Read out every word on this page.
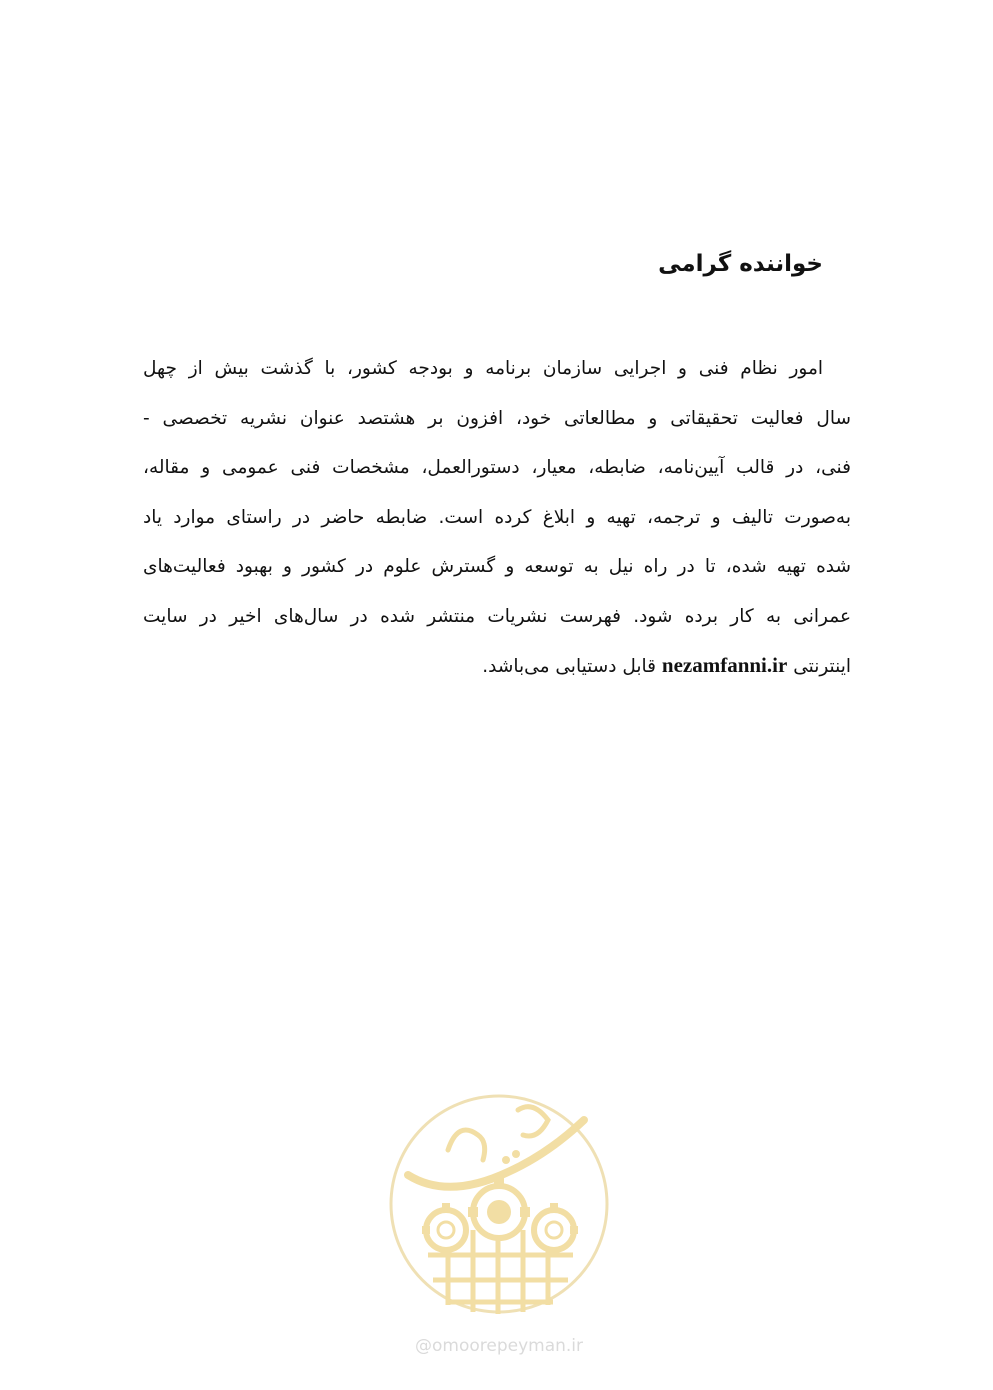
خواننده گرامی
امور نظام فنی و اجرایی سازمان برنامه و بودجه کشور، با گذشت بیش از چهل
سال فعالیت تحقیقاتی و مطالعاتی خود، افزون بر هشتصد عنوان نشریه تخصصی -
فنی، در قالب آیین‌نامه، ضابطه، معیار، دستورالعمل، مشخصات فنی عمومی و مقاله،
به‌صورت تالیف و ترجمه، تهیه و ابلاغ کرده است. ضابطه حاضر در راستای موارد یاد
شده تهیه شده، تا در راه نیل به توسعه و گسترش علوم در کشور و بهبود فعالیت‌های
عمرانی به کار برده شود. فهرست نشریات منتشر شده در سال‌های اخیر در سایت
اینترنتی nezamfanni.ir قابل دستیابی می‌باشد.
@omoorepeyman.ir
